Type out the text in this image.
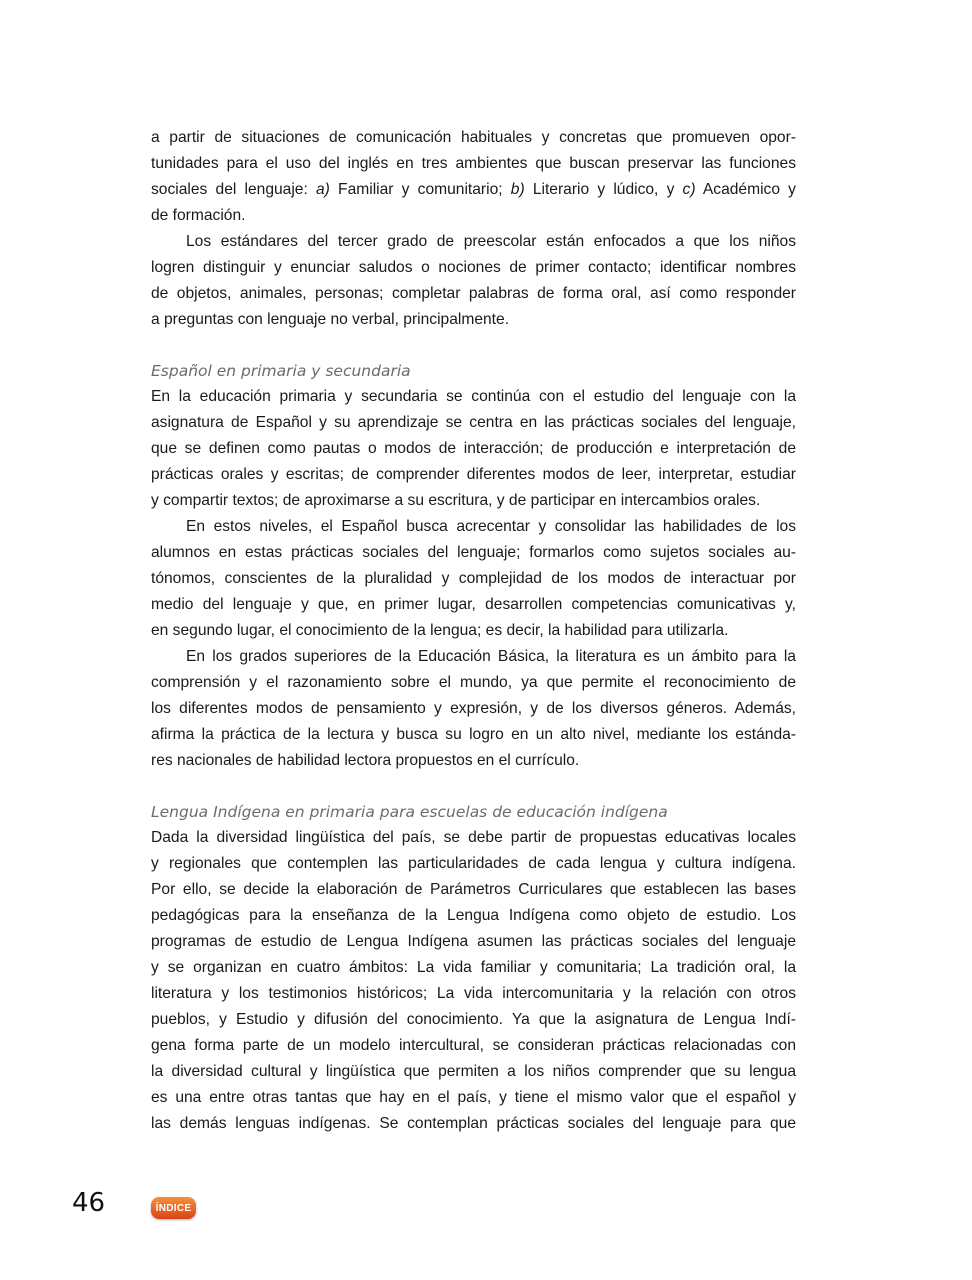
a partir de situaciones de comunicación habituales y concretas que promueven opor-
tunidades para el uso del inglés en tres ambientes que buscan preservar las funciones
sociales del lenguaje: a) Familiar y comunitario; b) Literario y lúdico, y c) Académico y
de formación.
Los estándares del tercer grado de preescolar están enfocados a que los niños
logren distinguir y enunciar saludos o nociones de primer contacto; identificar nombres
de objetos, animales, personas; completar palabras de forma oral, así como responder
a preguntas con lenguaje no verbal, principalmente.
Español en primaria y secundaria
En la educación primaria y secundaria se continúa con el estudio del lenguaje con la
asignatura de Español y su aprendizaje se centra en las prácticas sociales del lenguaje,
que se definen como pautas o modos de interacción; de producción e interpretación de
prácticas orales y escritas; de comprender diferentes modos de leer, interpretar, estudiar
y compartir textos; de aproximarse a su escritura, y de participar en intercambios orales.
En estos niveles, el Español busca acrecentar y consolidar las habilidades de los
alumnos en estas prácticas sociales del lenguaje; formarlos como sujetos sociales au-
tónomos, conscientes de la pluralidad y complejidad de los modos de interactuar por
medio del lenguaje y que, en primer lugar, desarrollen competencias comunicativas y,
en segundo lugar, el conocimiento de la lengua; es decir, la habilidad para utilizarla.
En los grados superiores de la Educación Básica, la literatura es un ámbito para la
comprensión y el razonamiento sobre el mundo, ya que permite el reconocimiento de
los diferentes modos de pensamiento y expresión, y de los diversos géneros. Además,
afirma la práctica de la lectura y busca su logro en un alto nivel, mediante los estánda-
res nacionales de habilidad lectora propuestos en el currículo.
Lengua Indígena en primaria para escuelas de educación indígena
Dada la diversidad lingüística del país, se debe partir de propuestas educativas locales
y regionales que contemplen las particularidades de cada lengua y cultura indígena.
Por ello, se decide la elaboración de Parámetros Curriculares que establecen las bases
pedagógicas para la enseñanza de la Lengua Indígena como objeto de estudio. Los
programas de estudio de Lengua Indígena asumen las prácticas sociales del lenguaje
y se organizan en cuatro ámbitos: La vida familiar y comunitaria; La tradición oral, la
literatura y los testimonios históricos; La vida intercomunitaria y la relación con otros
pueblos, y Estudio y difusión del conocimiento. Ya que la asignatura de Lengua Indí-
gena forma parte de un modelo intercultural, se consideran prácticas relacionadas con
la diversidad cultural y lingüística que permiten a los niños comprender que su lengua
es una entre otras tantas que hay en el país, y tiene el mismo valor que el español y
las demás lenguas indígenas. Se contemplan prácticas sociales del lenguaje para que
46	ÍNDICE
